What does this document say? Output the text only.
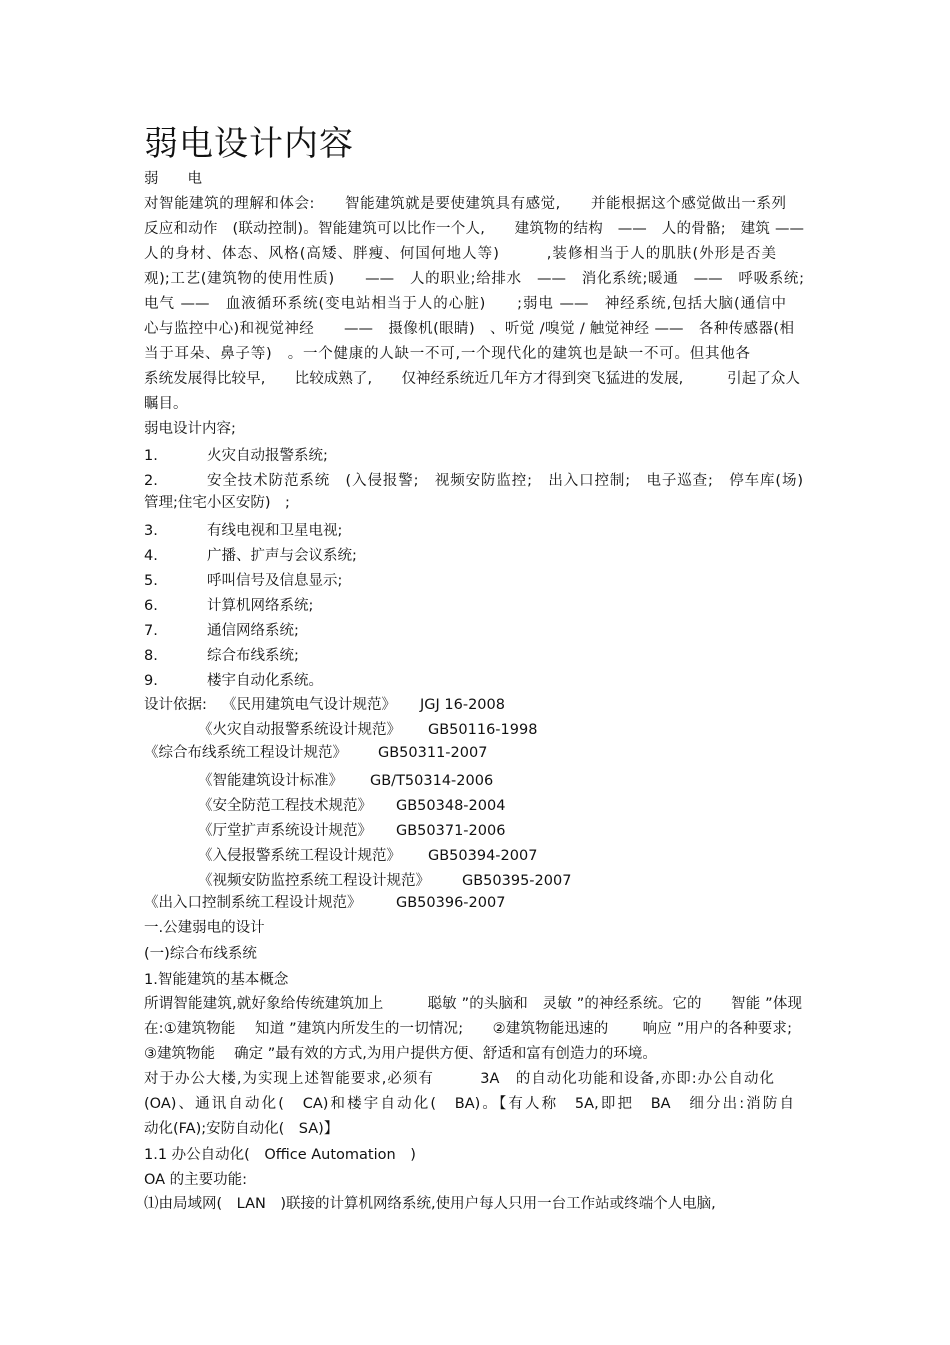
弱电设计内容
弱　　电
对智能建筑的理解和体会:　　智能建筑就是要使建筑具有感觉,　　并能根据这个感觉做出一系列
反应和动作　(联动控制)。智能建筑可以比作一个人,　　建筑物的结构　——　人的骨骼;　建筑 ——
人的身材、体态、风格(高矮、胖瘦、何国何地人等)　　　,装修相当于人的肌肤(外形是否美
观);工艺(建筑物的使用性质)　　——　人的职业;给排水　——　消化系统;暖通　——　呼吸系统;
电气 ——　血液循环系统(变电站相当于人的心脏)　　;弱电 ——　神经系统,包括大脑(通信中
心与监控中心)和视觉神经　　——　摄像机(眼睛)　、听觉 /嗅觉 / 触觉神经 ——　各种传感器(相
当于耳朵、鼻子等)　。一个健康的人缺一不可,一个现代化的建筑也是缺一不可。但其他各
系统发展得比较早,　　比较成熟了,　　仅神经系统近几年方才得到突飞猛进的发展,　　　引起了众人
瞩目。
弱电设计内容;
1.	火灾自动报警系统;
2.	安全技术防范系统　(入侵报警;　视频安防监控;　出入口控制;　电子巡查;　停车库(场)
管理;住宅小区安防)　;
3.	有线电视和卫星电视;
4.	广播、扩声与会议系统;
5.	呼叫信号及信息显示;
6.	计算机网络系统;
7.	通信网络系统;
8.	综合布线系统;
9.	楼宇自动化系统。
设计依据: 《民用建筑电气设计规范》 JGJ 16-2008
《火灾自动报警系统设计规范》 GB50116-1998
《综合布线系统工程设计规范》 GB50311-2007
《智能建筑设计标准》 GB/T50314-2006
《安全防范工程技术规范》 GB50348-2004
《厅堂扩声系统设计规范》 GB50371-2006
《入侵报警系统工程设计规范》 GB50394-2007
《视频安防监控系统工程设计规范》 GB50395-2007
《出入口控制系统工程设计规范》 GB50396-2007
一.公建弱电的设计
(一)综合布线系统
1.智能建筑的基本概念
所谓智能建筑,就好象给传统建筑加上　　　聪敏 ”的头脑和　灵敏 ”的神经系统。它的　　智能 ”体现
在:①建筑物能　 知道 ”建筑内所发生的一切情况;　　②建筑物能迅速的　　 响应 ”用户的各种要求;
③建筑物能　 确定 ”最有效的方式,为用户提供方便、舒适和富有创造力的环境。
对于办公大楼,为实现上述智能要求,必须有　　　3A　的自动化功能和设备,亦即:办公自动化
(OA)、通讯自动化(　CA)和楼宇自动化(　BA)。【有人称　5A,即把　BA　细分出:消防自
动化(FA);安防自动化(　SA)】
1.1 办公自动化(　Office Automation　)
OA 的主要功能:
⑴由局域网(　LAN　)联接的计算机网络系统,使用户每人只用一台工作站或终端个人电脑,
